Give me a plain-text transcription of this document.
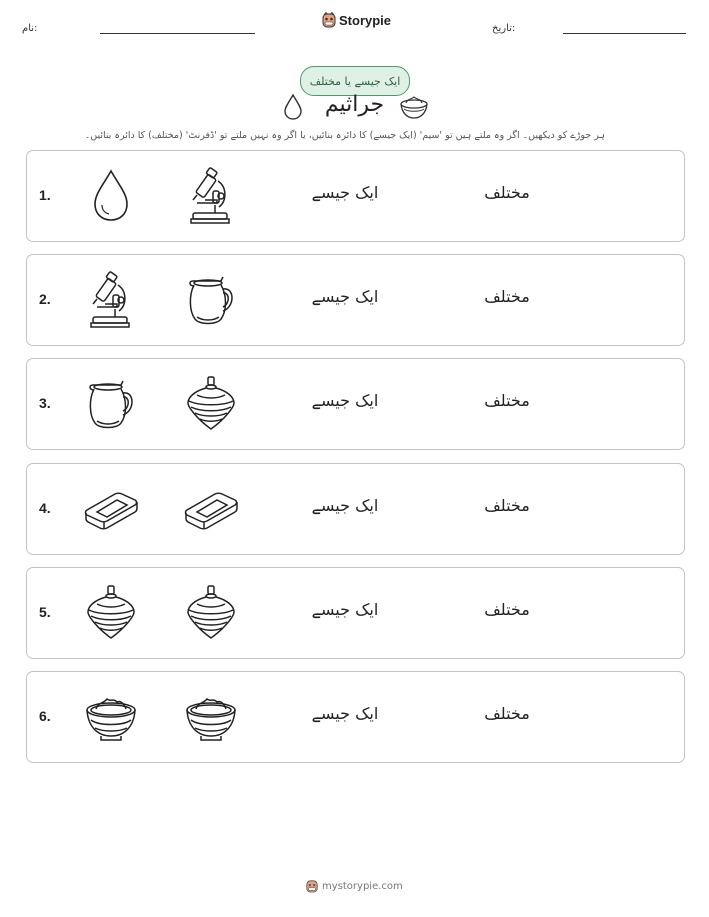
نام:
Storypie
تاریخ:
ایک جیسے یا مختلف
جراثیم
ہر جوڑے کو دیکھیں۔ اگر وہ ملتے ہیں تو 'سیم' (ایک جیسے) کا دائرہ بنائیں، یا اگر وہ نہیں ملتے تو 'ڈفرنٹ' (مختلف) کا دائرہ بنائیں۔
1.	ایک جیسے	مختلف
2.	ایک جیسے	مختلف
3.	ایک جیسے	مختلف
4.	ایک جیسے	مختلف
5.	ایک جیسے	مختلف
6.	ایک جیسے	مختلف
mystorypie.com
